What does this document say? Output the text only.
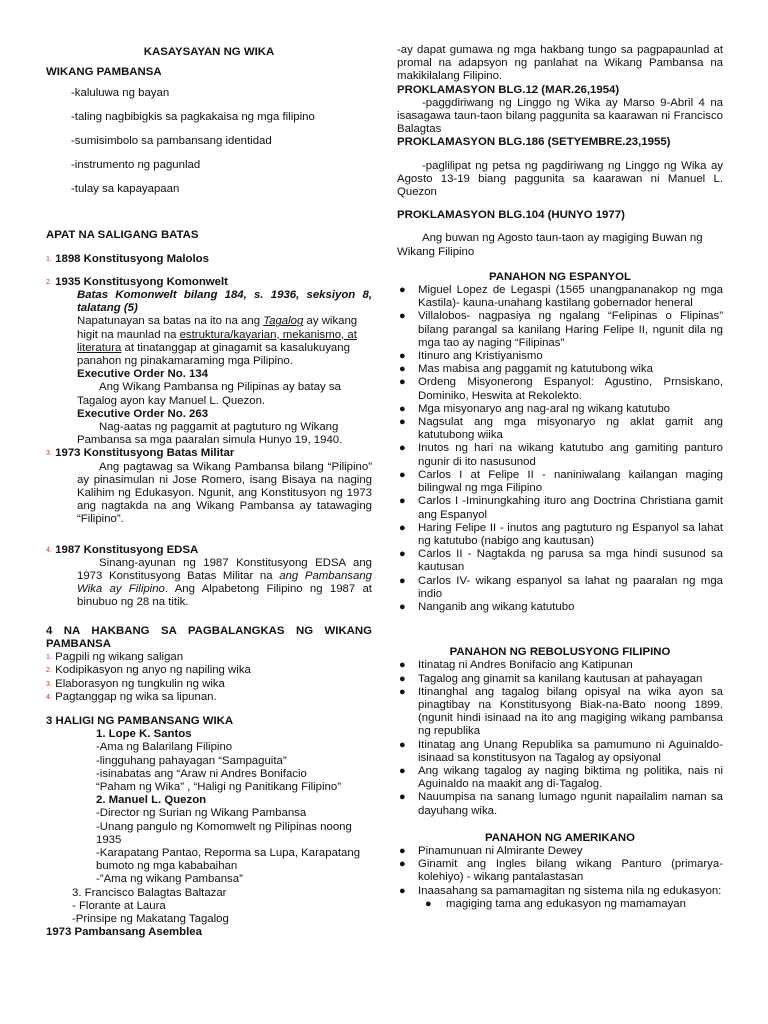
KASAYSAYAN NG WIKA
WIKANG PAMBANSA
-kaluluwa ng bayan
-taling nagbibigkis sa pagkakaisa ng mga filipino
-sumisimbolo sa pambansang identidad
-instrumento ng pagunlad
-tulay sa kapayapaan
APAT NA SALIGANG BATAS
1. 1898 Konstitusyong Malolos
2. 1935 Konstitusyong Komonwelt
Batas Komonwelt bilang 184, s. 1936, seksiyon 8, talatang (5)
Napatunayan sa batas na ito na ang Tagalog ay wikang higit na maunlad na estruktura/kayarian, mekanismo, at literatura at tinatanggap at ginagamit sa kasalukuyang panahon ng pinakamaraming mga Pilipino.
Executive Order No. 134
Ang Wikang Pambansa ng Pilipinas ay batay sa Tagalog ayon kay Manuel L. Quezon.
Executive Order No. 263
Nag-aatas ng paggamit at pagtuturo ng Wikang Pambansa sa mga paaralan simula Hunyo 19, 1940.
3. 1973 Konstitusyong Batas Militar
Ang pagtawag sa Wikang Pambansa bilang “Pilipino” ay pinasimulan ni Jose Romero, isang Bisaya na naging Kalihim ng Edukasyon. Ngunit, ang Konstitusyon ng 1973 ang nagtakda na ang Wikang Pambansa ay tatawaging “Filipino”.
4. 1987 Konstitusyong EDSA
Sinang-ayunan ng 1987 Konstitusyong EDSA ang 1973 Konstitusyong Batas Militar na ang Pambansang Wika ay Filipino. Ang Alpabetong Filipino ng 1987 at binubuo ng 28 na titik.
4 NA HAKBANG SA PAGBALANGKAS NG WIKANG PAMBANSA
1. Pagpili ng wikang saligan
2. Kodipikasyon ng anyo ng napiling wika
3. Elaborasyon ng tungkulin ng wika
4. Pagtanggap ng wika sa lipunan.
3 HALIGI NG PAMBANSANG WIKA
1. Lope K. Santos
-Ama ng Balarilang Filipino
-lingguhang pahayagan “Sampaguita”
-isinabatas ang “Araw ni Andres Bonifacio
“Paham ng Wika” , “Haligi ng Panitikang Filipino”
2. Manuel L. Quezon
-Director ng Surian ng Wikang Pambansa
-Unang pangulo ng Komomwelt ng Pilipinas noong 1935
-Karapatang Pantao, Reporma sa Lupa, Karapatang bumoto ng mga kababaihan
-”Ama ng wikang Pambansa”
3. Francisco Balagtas Baltazar
- Florante at Laura
-Prinsipe ng Makatang Tagalog
1973 Pambansang Asemblea
-ay dapat gumawa ng mga hakbang tungo sa pagpapaunlad at promal na adapsyon ng panlahat na Wikang Pambansa na makikilalang Filipino.
PROKLAMASYON BLG.12 (MAR.26,1954)
-paggdiriwang ng Linggo ng Wika ay Marso 9-Abril 4 na isasagawa taun-taon bilang paggunita sa kaarawan ni Francisco Balagtas
PROKLAMASYON BLG.186 (SETYEMBRE.23,1955)
-paglilipat ng petsa ng pagdiriwang ng Linggo ng Wika ay Agosto 13-19 biang paggunita sa kaarawan ni Manuel L. Quezon
PROKLAMASYON BLG.104 (HUNYO 1977)
Ang buwan ng Agosto taun-taon ay magiging Buwan ng Wikang Filipino
PANAHON NG ESPANYOL
● Miguel Lopez de Legaspi (1565 unangpananakop ng mga Kastila)- kauna-unahang kastilang gobernador heneral
● Villalobos- nagpasiya ng ngalang “Felipinas o Flipinas” bilang parangal sa kanilang Haring Felipe II, ngunit dila ng mga tao ay naging “Filipinas”
● Itinuro ang Kristiyanismo
● Mas mabisa ang paggamit ng katutubong wika
● Ordeng Misyonerong Espanyol: Agustino, Prnsiskano, Dominiko, Heswita at Rekolekto.
● Mga misyonaryo ang nag-aral ng wikang katutubo
● Nagsulat ang mga misyonaryo ng aklat gamit ang katutubong wiika
● Inutos ng hari na wikang katutubo ang gamiting panturo ngunir di ito nasusunod
● Carlos I at Felipe II - naniniwalang kailangan maging bilingwal ng mga Filipino
● Carlos I -Iminungkahing ituro ang Doctrina Christiana gamit ang Espanyol
● Haring Felipe II - inutos ang pagtuturo ng Espanyol sa lahat ng katutubo (nabigo ang kautusan)
● Carlos II - Nagtakda ng parusa sa mga hindi susunod sa kautusan
● Carlos IV- wikang espanyol sa lahat ng paaralan ng mga indio
● Nanganib ang wikang katutubo
PANAHON NG REBOLUSYONG FILIPINO
● Itinatag ni Andres Bonifacio ang Katipunan
● Tagalog ang ginamit sa kanilang kautusan at pahayagan
● Itinanghal ang tagalog bilang opisyal na wika ayon sa pinagtibay na Konstitusyong Biak-na-Bato noong 1899. (ngunit hindi isinaad na ito ang magiging wikang pambansa ng republika
● Itinatag ang Unang Republika sa pamumuno ni Aguinaldo- isinaad sa konstitusyon na Tagalog ay opsiyonal
● Ang wikang tagalog ay naging biktima ng politika, nais ni Aguinaldo na maakit ang di-Tagalog.
● Nauumpisa na sanang lumago ngunit napailalim naman sa dayuhang wika.
PANAHON NG AMERIKANO
● Pinamunuan ni Almirante Dewey
● Ginamit ang Ingles bilang wikang Panturo (primarya-kolehiyo) - wikang pantalastasan
● Inaasahang sa pamamagitan ng sistema nila ng edukasyon:
● magiging tama ang edukasyon ng mamamayan
